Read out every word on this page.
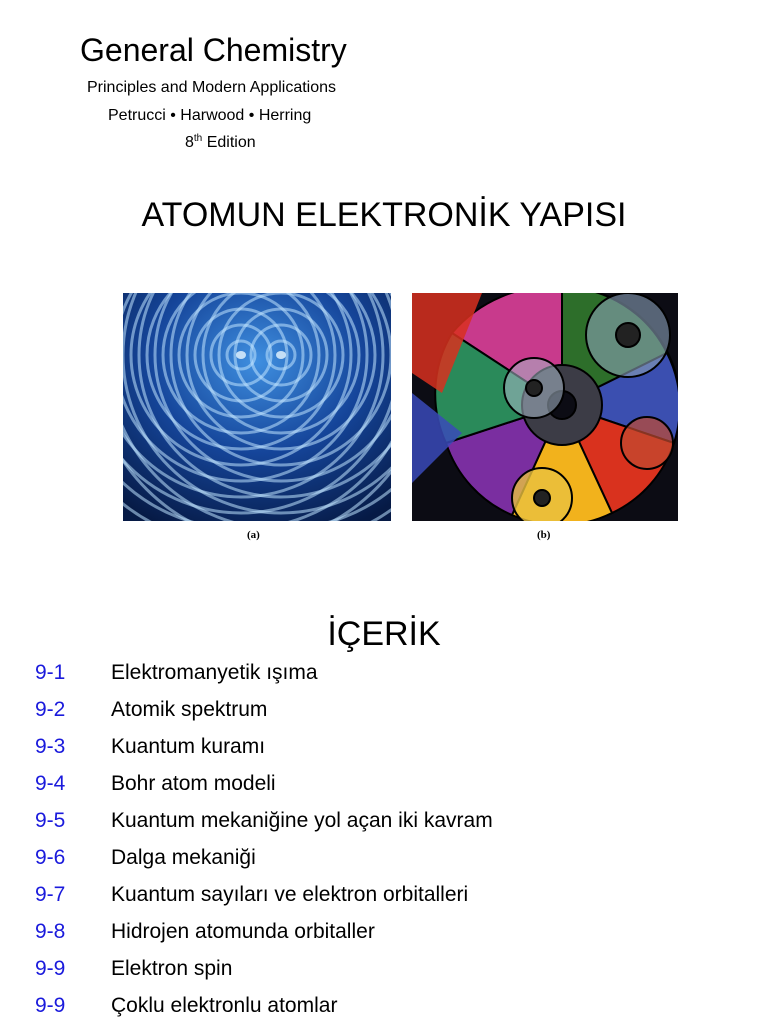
General Chemistry
Principles and Modern Applications
Petrucci • Harwood • Herring
8th Edition
ATOMUN ELEKTRONİK YAPISI
(a)	(b)
İÇERİK
9-1 Elektromanyetik ışıma
9-2 Atomik spektrum
9-3 Kuantum kuramı
9-4 Bohr atom modeli
9-5 Kuantum mekaniğine yol açan iki kavram
9-6 Dalga mekaniği
9-7 Kuantum sayıları ve elektron orbitalleri
9-8 Hidrojen atomunda orbitaller
9-9 Elektron spin
9-9 Çoklu elektronlu atomlar
